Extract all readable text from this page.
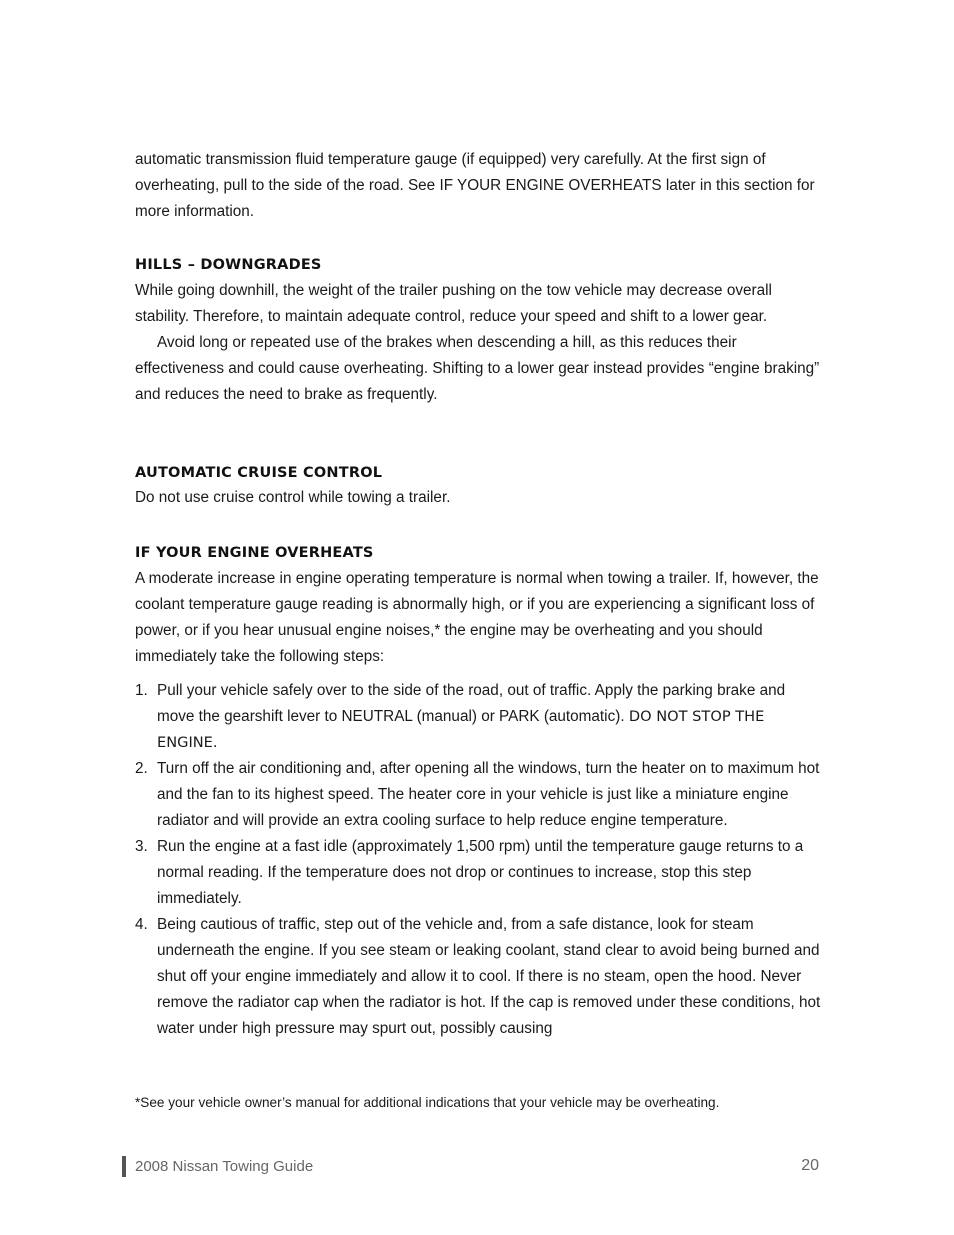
automatic transmission fluid temperature gauge (if equipped) very carefully. At the first sign of overheating, pull to the side of the road. See IF YOUR ENGINE OVERHEATS later in this section for more information.

HILLS – DOWNGRADES

While going downhill, the weight of the trailer pushing on the tow vehicle may decrease overall stability. Therefore, to maintain adequate control, reduce your speed and shift to a lower gear.

Avoid long or repeated use of the brakes when descending a hill, as this reduces their effectiveness and could cause overheating. Shifting to a lower gear instead provides “engine braking” and reduces the need to brake as frequently.

AUTOMATIC CRUISE CONTROL

Do not use cruise control while towing a trailer.

IF YOUR ENGINE OVERHEATS

A moderate increase in engine operating temperature is normal when towing a trailer. If, however, the coolant temperature gauge reading is abnormally high, or if you are experiencing a significant loss of power, or if you hear unusual engine noises,* the engine may be overheating and you should immediately take the following steps:

1. Pull your vehicle safely over to the side of the road, out of traffic. Apply the parking brake and move the gearshift lever to NEUTRAL (manual) or PARK (automatic). DO NOT STOP THE ENGINE.
2. Turn off the air conditioning and, after opening all the windows, turn the heater on to maximum hot and the fan to its highest speed. The heater core in your vehicle is just like a miniature engine radiator and will provide an extra cooling surface to help reduce engine temperature.
3. Run the engine at a fast idle (approximately 1,500 rpm) until the temperature gauge returns to a normal reading. If the temperature does not drop or continues to increase, stop this step immediately.
4. Being cautious of traffic, step out of the vehicle and, from a safe distance, look for steam underneath the engine. If you see steam or leaking coolant, stand clear to avoid being burned and shut off your engine immediately and allow it to cool. If there is no steam, open the hood. Never remove the radiator cap when the radiator is hot. If the cap is removed under these conditions, hot water under high pressure may spurt out, possibly causing
*See your vehicle owner’s manual for additional indications that your vehicle may be overheating.
2008 Nissan Towing Guide	20
